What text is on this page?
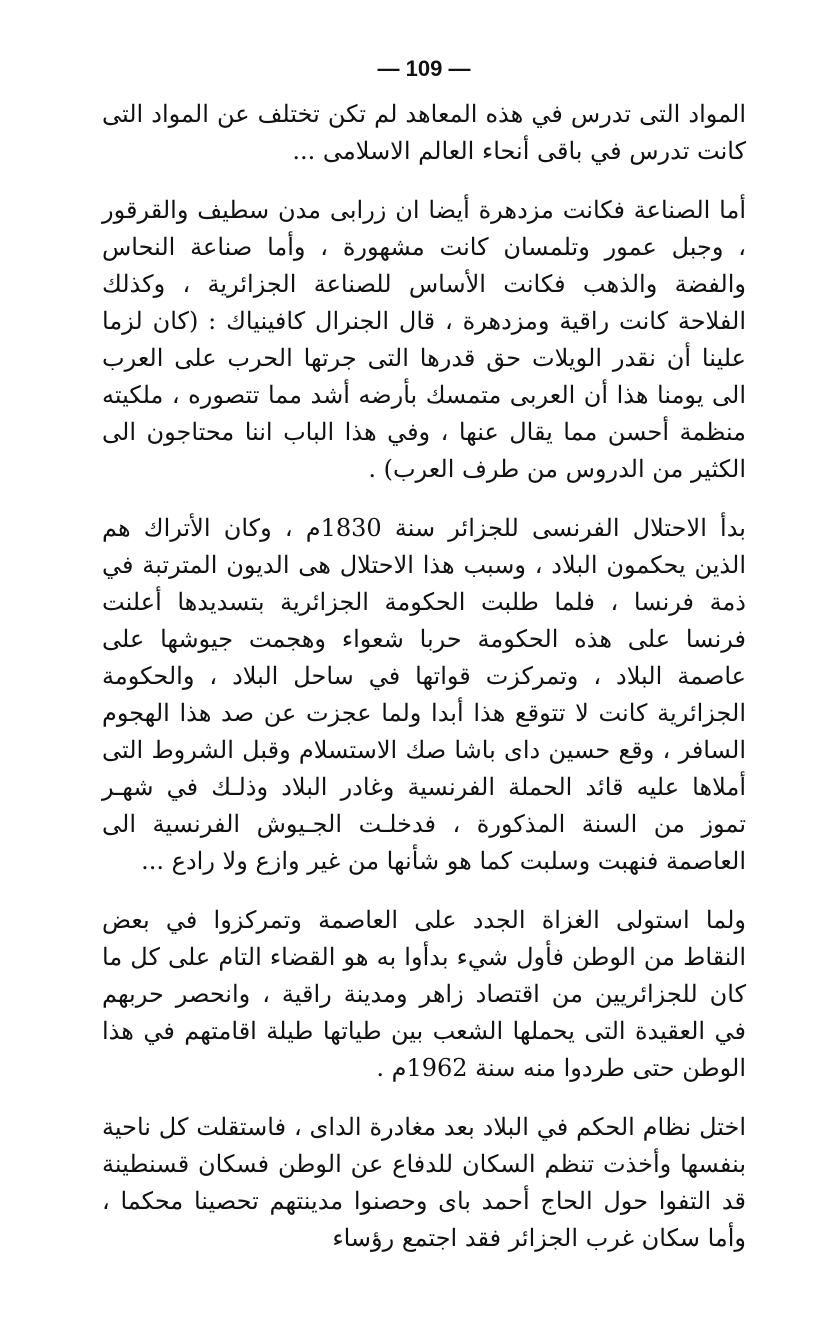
— 109 —

المواد التى تدرس في هذه المعاهد لم تكن تختلف عن المواد التى كانت تدرس في باقى أنحاء العالم الاسلامى ...

أما الصناعة فكانت مزدهرة أيضا ان زرابى مدن سطيف والقرقور ، وجبل عمور وتلمسان كانت مشهورة ، وأما صناعة النحاس والفضة والذهب فكانت الأساس للصناعة الجزائرية ، وكذلك الفلاحة كانت راقية ومزدهرة ، قال الجنرال كافينياك : (كان لزما علينا أن نقدر الويلات حق قدرها التى جرتها الحرب على العرب الى يومنا هذا أن العربى متمسك بأرضه أشد مما تتصوره ، ملكيته منظمة أحسن مما يقال عنها ، وفي هذا الباب اننا محتاجون الى الكثير من الدروس من طرف العرب) .

بدأ الاحتلال الفرنسى للجزائر سنة 1830م ، وكان الأتراك هم الذين يحكمون البلاد ، وسبب هذا الاحتلال هى الديون المترتبة في ذمة فرنسا ، فلما طلبت الحكومة الجزائرية بتسديدها أعلنت فرنسا على هذه الحكومة حربا شعواء وهجمت جيوشها على عاصمة البلاد ، وتمركزت قواتها في ساحل البلاد ، والحكومة الجزائرية كانت لا تتوقع هذا أبدا ولما عجزت عن صد هذا الهجوم السافر ، وقع حسين داى باشا صك الاستسلام وقبل الشروط التى أملاها عليه قائد الحملة الفرنسية وغادر البلاد وذلـك في شهـر تموز من السنة المذكورة ، فدخلـت الجـيوش الفرنسية الى العاصمة فنهبت وسلبت كما هو شأنها من غير وازع ولا رادع ...

ولما استولى الغزاة الجدد على العاصمة وتمركزوا في بعض النقاط من الوطن فأول شيء بدأوا به هو القضاء التام على كل ما كان للجزائريين من اقتصاد زاهر ومدينة راقية ، وانحصر حربهم في العقيدة التى يحملها الشعب بين طياتها طيلة اقامتهم في هذا الوطن حتى طردوا منه سنة 1962م .

اختل نظام الحكم في البلاد بعد مغادرة الداى ، فاستقلت كل ناحية بنفسها وأخذت تنظم السكان للدفاع عن الوطن فسكان قسنطينة قد التفوا حول الحاج أحمد باى وحصنوا مدينتهم تحصينا محكما ، وأما سكان غرب الجزائر فقد اجتمع رؤساء
